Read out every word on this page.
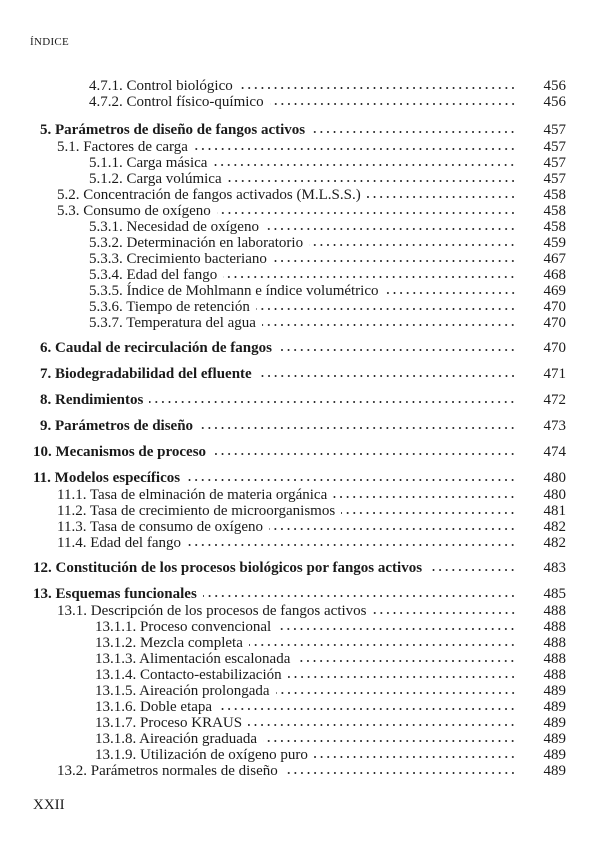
ÍNDICE
4.7.1. Control biológico	456
4.7.2. Control físico-químico	456
5. Parámetros de diseño de fangos activos	457
5.1. Factores de carga	457
5.1.1. Carga másica	457
5.1.2. Carga volúmica	457
5.2. Concentración de fangos activados (M.L.S.S.)	458
5.3. Consumo de oxígeno	458
5.3.1. Necesidad de oxígeno	458
5.3.2. Determinación en laboratorio	459
5.3.3. Crecimiento bacteriano	467
5.3.4. Edad del fango	468
5.3.5. Índice de Mohlmann e índice volumétrico	469
5.3.6. Tiempo de retención	470
5.3.7. Temperatura del agua	470
6. Caudal de recirculación de fangos	470
7. Biodegradabilidad del efluente	471
8. Rendimientos	472
9. Parámetros de diseño	473
10. Mecanismos de proceso	474
11. Modelos específicos	480
11.1. Tasa de elminación de materia orgánica	480
11.2. Tasa de crecimiento de microorganismos	481
11.3. Tasa de consumo de oxígeno	482
11.4. Edad del fango	482
12. Constitución de los procesos biológicos por fangos activos	483
13. Esquemas funcionales	485
13.1. Descripción de los procesos de fangos activos	488
13.1.1. Proceso convencional	488
13.1.2. Mezcla completa	488
13.1.3. Alimentación escalonada	488
13.1.4. Contacto-estabilización	488
13.1.5. Aireación prolongada	489
13.1.6. Doble etapa	489
13.1.7. Proceso KRAUS	489
13.1.8. Aireación graduada	489
13.1.9. Utilización de oxígeno puro	489
13.2. Parámetros normales de diseño	489
XXII
